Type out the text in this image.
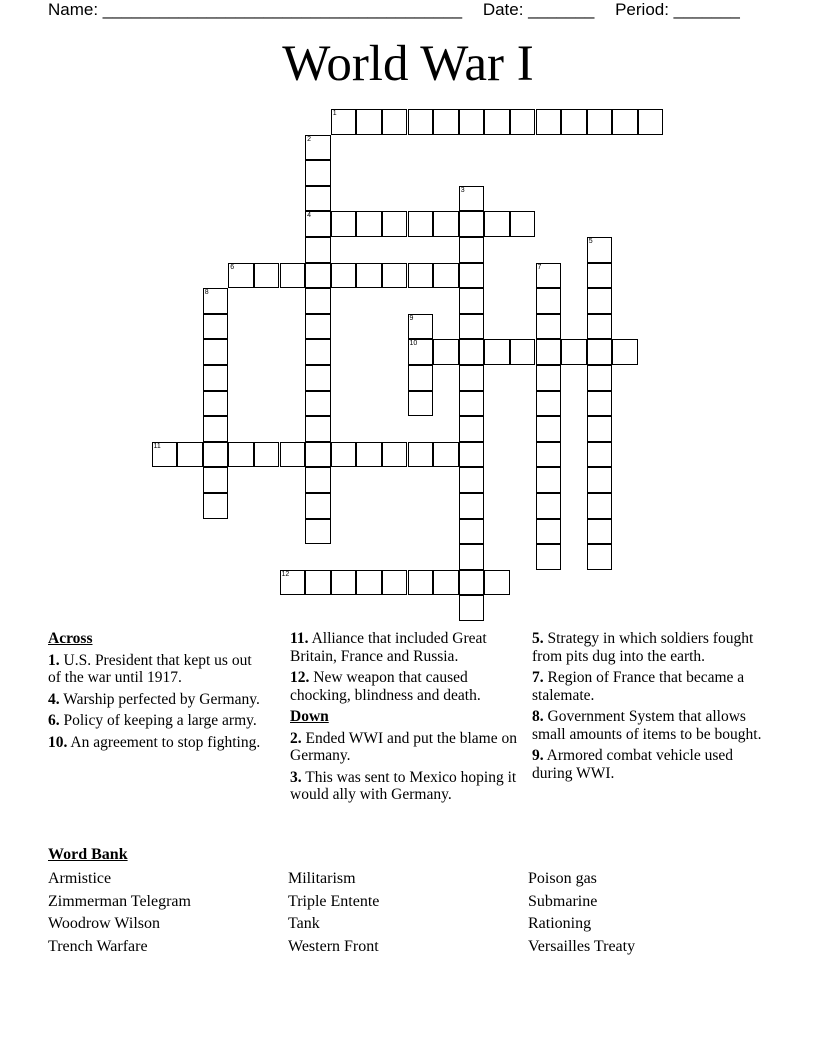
Name: ______________________________________ Date: _______ Period: _______
World War I
1
2
4
3
5
6	7
8
9
10
11
12
Across
1. U.S. President that kept us out of the war until 1917.
4. Warship perfected by Germany.
6. Policy of keeping a large army.
10. An agreement to stop fighting.
11. Alliance that included Great Britain, France and Russia.
12. New weapon that caused chocking, blindness and death.
Down
2. Ended WWI and put the blame on Germany.
3. This was sent to Mexico hoping it would ally with Germany.
5. Strategy in which soldiers fought from pits dug into the earth.
7. Region of France that became a stalemate.
8. Government System that allows small amounts of items to be bought.
9. Armored combat vehicle used during WWI.
Word Bank
Armistice
Zimmerman Telegram
Woodrow Wilson
Trench Warfare
Militarism
Triple Entente
Tank
Western Front
Poison gas
Submarine
Rationing
Versailles Treaty
